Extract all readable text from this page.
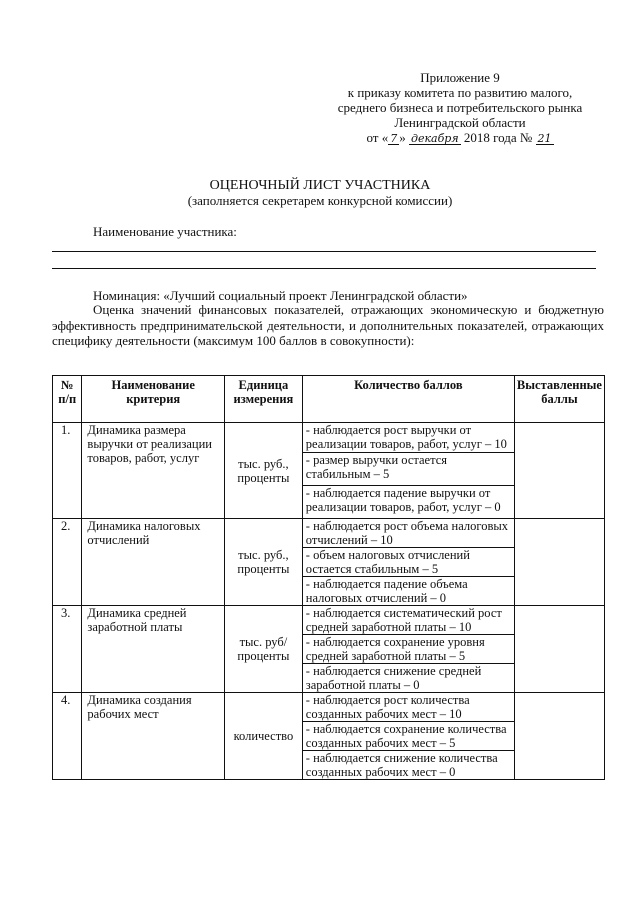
Приложение 9
к приказу комитета по развитию малого,
среднего бизнеса и потребительского рынка
Ленинградской области
от « 7 » декабря 2018 года № 21
ОЦЕНОЧНЫЙ ЛИСТ УЧАСТНИКА
(заполняется секретарем конкурсной комиссии)
Наименование участника:
Номинация: «Лучший социальный проект Ленинградской области»
Оценка значений финансовых показателей, отражающих экономическую и бюджетную эффективность предпринимательской деятельности, и дополнительных показателей, отражающих специфику деятельности (максимум 100 баллов в совокупности):
№ п/п	Наименование критерия	Единица измерения	Количество баллов	Выставленные баллы
1.	Динамика размера выручки от реализации товаров, работ, услуг	тыс. руб., проценты	- наблюдается рост выручки от реализации товаров, работ, услуг – 10	
			- размер выручки остается стабильным – 5	
			- наблюдается падение выручки от реализации товаров, работ, услуг – 0	
2.	Динамика налоговых отчислений	тыс. руб., проценты	- наблюдается рост объема налоговых отчислений – 10	
			- объем налоговых отчислений остается стабильным – 5	
			- наблюдается падение объема налоговых отчислений – 0	
3.	Динамика средней заработной платы	тыс. руб/ проценты	- наблюдается систематический рост средней заработной платы – 10	
			- наблюдается сохранение уровня средней заработной платы – 5	
			- наблюдается снижение средней заработной платы – 0	
4.	Динамика создания рабочих мест	количество	- наблюдается рост количества созданных рабочих мест – 10	
			- наблюдается сохранение количества созданных рабочих мест – 5	
			- наблюдается снижение количества созданных рабочих мест – 0	
